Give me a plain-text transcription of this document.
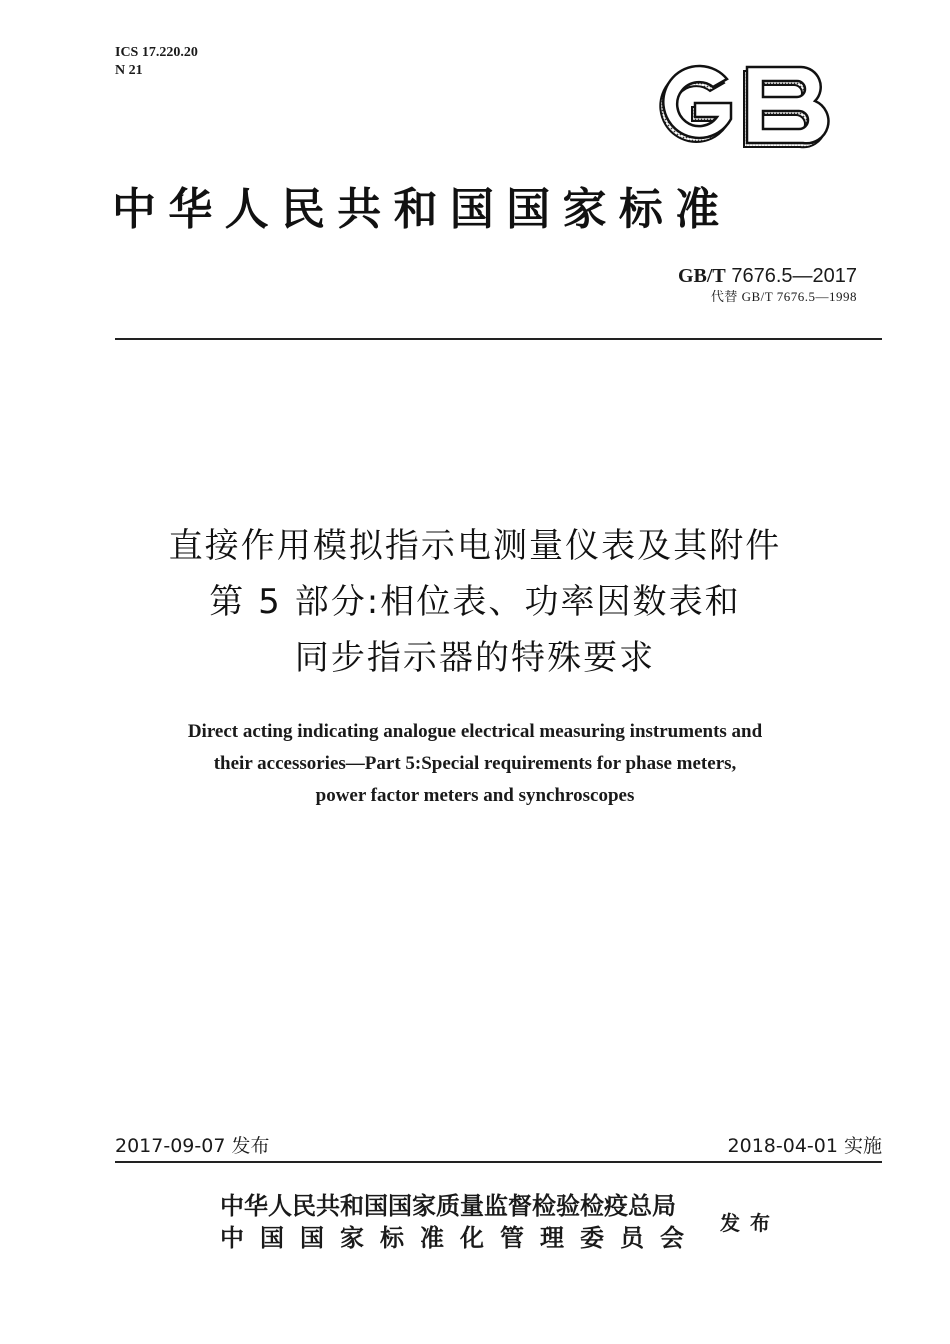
ICS 17.220.20
N 21
中华人民共和国国家标准
GB/T 7676.5—2017
代替 GB/T 7676.5—1998
直接作用模拟指示电测量仪表及其附件
第 5 部分:相位表、功率因数表和
同步指示器的特殊要求
Direct acting indicating analogue electrical measuring instruments and
their accessories—Part 5:Special requirements for phase meters,
power factor meters and synchroscopes
2017-09-07 发布	2018-04-01 实施
中华人民共和国国家质量监督检验检疫总局
中国国家标准化管理委员会 发布
